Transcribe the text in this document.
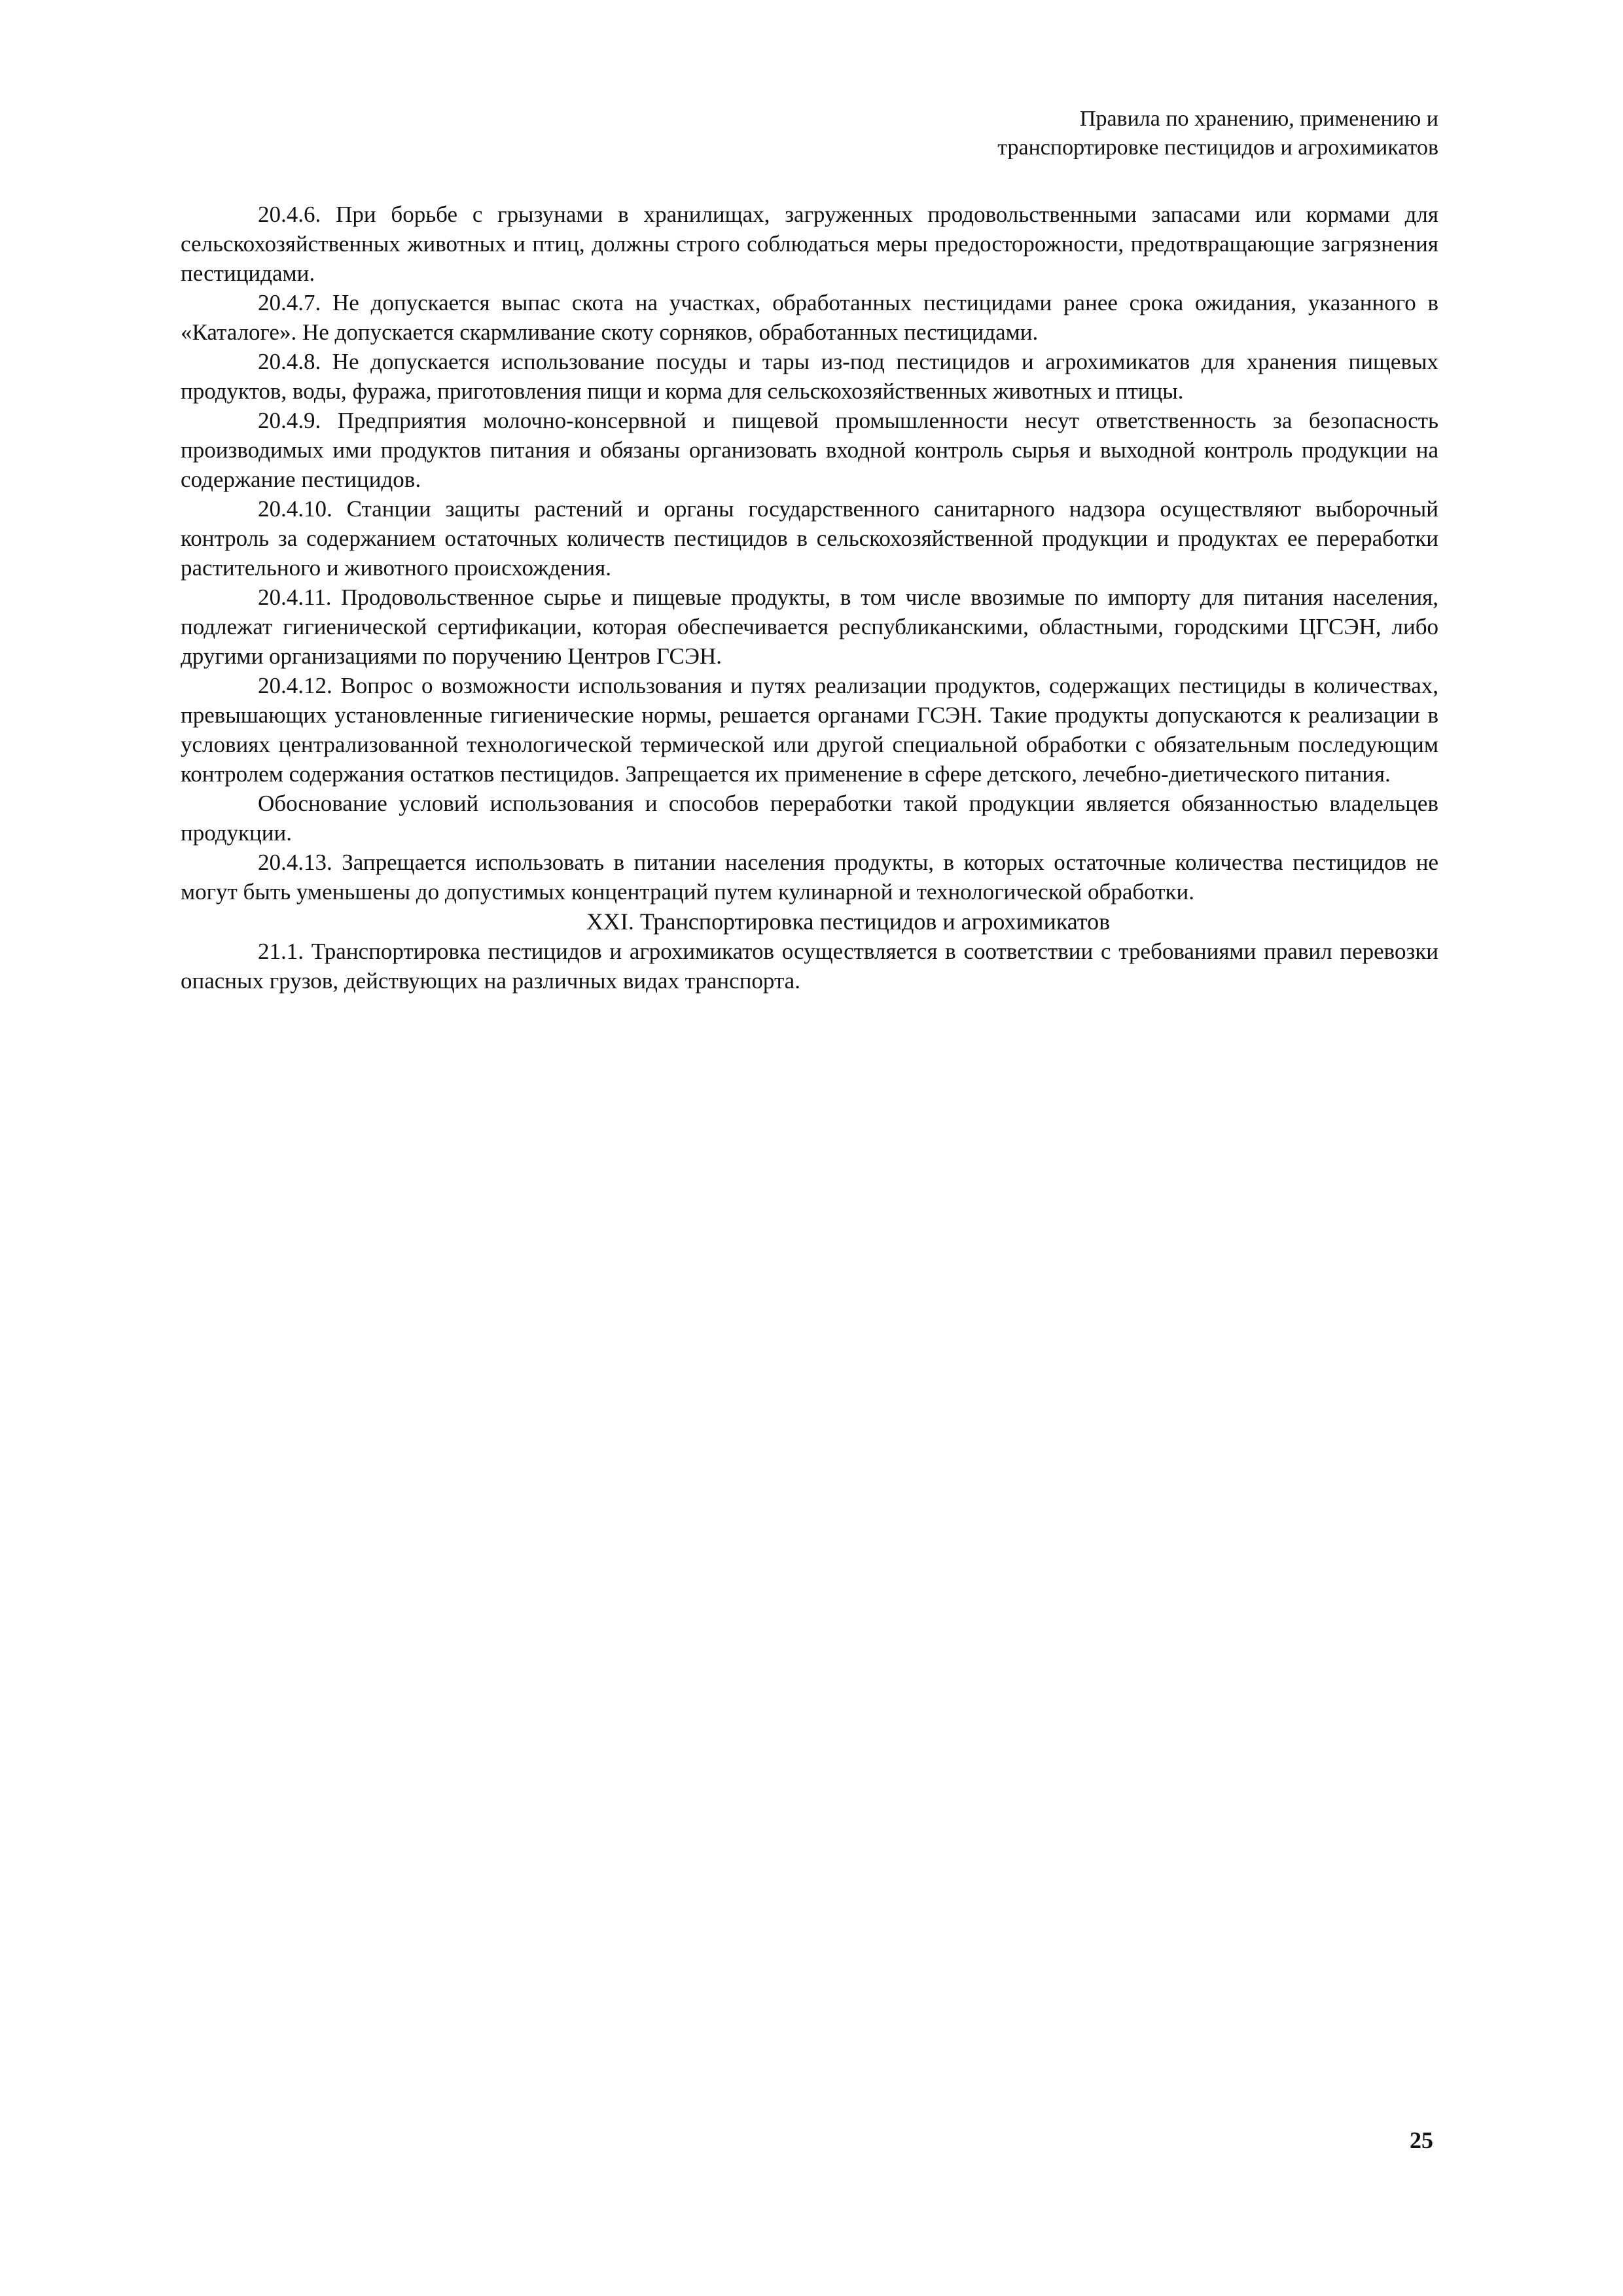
Правила по хранению, применению и
транспортировке пестицидов и агрохимикатов

20.4.6. При борьбе с грызунами в хранилищах, загруженных продовольственными запасами или кормами для сельскохозяйственных животных и птиц, должны строго соблюдаться меры предосторожности, предотвращающие загрязнения пестицидами.

20.4.7. Не допускается выпас скота на участках, обработанных пестицидами ранее срока ожидания, указанного в «Каталоге». Не допускается скармливание скоту сорняков, обработанных пестицидами.

20.4.8. Не допускается использование посуды и тары из-под пестицидов и агрохимикатов для хранения пищевых продуктов, воды, фуража, приготовления пищи и корма для сельскохозяйственных животных и птицы.

20.4.9. Предприятия молочно-консервной и пищевой промышленности несут ответственность за безопасность производимых ими продуктов питания и обязаны организовать входной контроль сырья и выходной контроль продукции на содержание пестицидов.

20.4.10. Станции защиты растений и органы государственного санитарного надзора осуществляют выборочный контроль за содержанием остаточных количеств пестицидов в сельскохозяйственной продукции и продуктах ее переработки растительного и животного происхождения.

20.4.11. Продовольственное сырье и пищевые продукты, в том числе ввозимые по импорту для питания населения, подлежат гигиенической сертификации, которая обеспечивается республиканскими, областными, городскими ЦГСЭН, либо другими организациями по поручению Центров ГСЭН.

20.4.12. Вопрос о возможности использования и путях реализации продуктов, содержащих пестициды в количествах, превышающих установленные гигиенические нормы, решается органами ГСЭН. Такие продукты допускаются к реализации в условиях централизованной технологической термической или другой специальной обработки с обязательным последующим контролем содержания остатков пестицидов. Запрещается их применение в сфере детского, лечебно-диетического питания.

Обоснование условий использования и способов переработки такой продукции является обязанностью владельцев продукции.

20.4.13. Запрещается использовать в питании населения продукты, в которых остаточные количества пестицидов не могут быть уменьшены до допустимых концентраций путем кулинарной и технологической обработки.

XXI. Транспортировка пестицидов и агрохимикатов

21.1. Транспортировка пестицидов и агрохимикатов осуществляется в соответствии с требованиями правил перевозки опасных грузов, действующих на различных видах транспорта.

25
